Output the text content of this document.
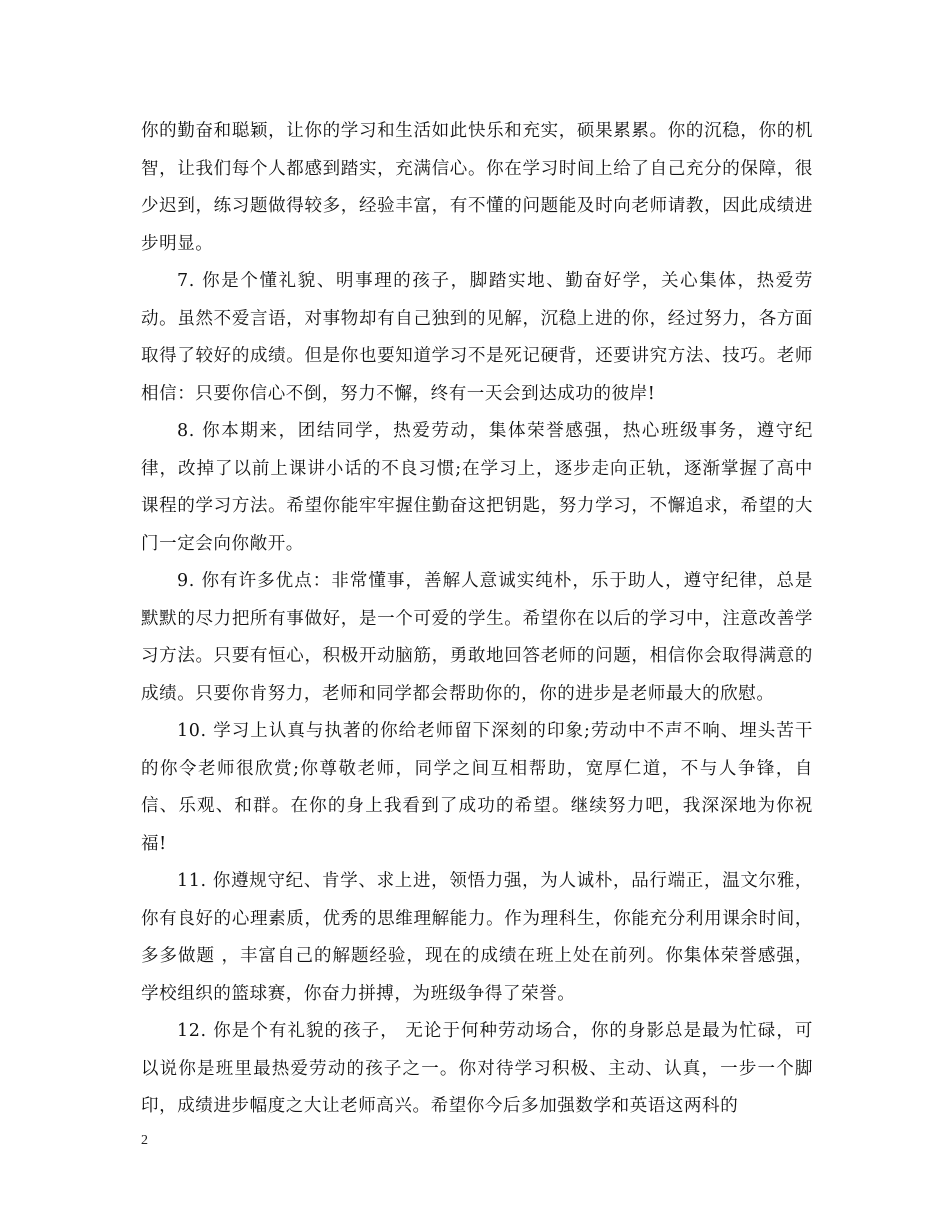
你的勤奋和聪颖，让你的学习和生活如此快乐和充实，硕果累累。你的沉稳，你的机智，让我们每个人都感到踏实，充满信心。你在学习时间上给了自己充分的保障，很少迟到，练习题做得较多，经验丰富，有不懂的问题能及时向老师请教，因此成绩进步明显。

7. 你是个懂礼貌、明事理的孩子，脚踏实地、勤奋好学，关心集体，热爱劳动。虽然不爱言语，对事物却有自己独到的见解，沉稳上进的你，经过努力，各方面取得了较好的成绩。但是你也要知道学习不是死记硬背，还要讲究方法、技巧。老师相信：只要你信心不倒，努力不懈，终有一天会到达成功的彼岸!

8. 你本期来，团结同学，热爱劳动，集体荣誉感强，热心班级事务，遵守纪律，改掉了以前上课讲小话的不良习惯;在学习上，逐步走向正轨，逐渐掌握了高中课程的学习方法。希望你能牢牢握住勤奋这把钥匙，努力学习，不懈追求，希望的大门一定会向你敞开。

9. 你有许多优点：非常懂事，善解人意诚实纯朴，乐于助人，遵守纪律，总是默默的尽力把所有事做好，是一个可爱的学生。希望你在以后的学习中，注意改善学习方法。只要有恒心，积极开动脑筋，勇敢地回答老师的问题，相信你会取得满意的成绩。只要你肯努力，老师和同学都会帮助你的，你的进步是老师最大的欣慰。

10. 学习上认真与执著的你给老师留下深刻的印象;劳动中不声不响、埋头苦干的你令老师很欣赏;你尊敬老师，同学之间互相帮助，宽厚仁道，不与人争锋，自信、乐观、和群。在你的身上我看到了成功的希望。继续努力吧，我深深地为你祝福!

11. 你遵规守纪、肯学、求上进，领悟力强，为人诚朴，品行端正，温文尔雅，你有良好的心理素质，优秀的思维理解能力。作为理科生，你能充分利用课余时间，多多做题 ，丰富自己的解题经验，现在的成绩在班上处在前列。你集体荣誉感强，学校组织的篮球赛，你奋力拼搏，为班级争得了荣誉。

12. 你是个有礼貌的孩子， 无论于何种劳动场合，你的身影总是最为忙碌，可以说你是班里最热爱劳动的孩子之一。你对待学习积极、主动、认真，一步一个脚印，成绩进步幅度之大让老师高兴。希望你今后多加强数学和英语这两科的

2
